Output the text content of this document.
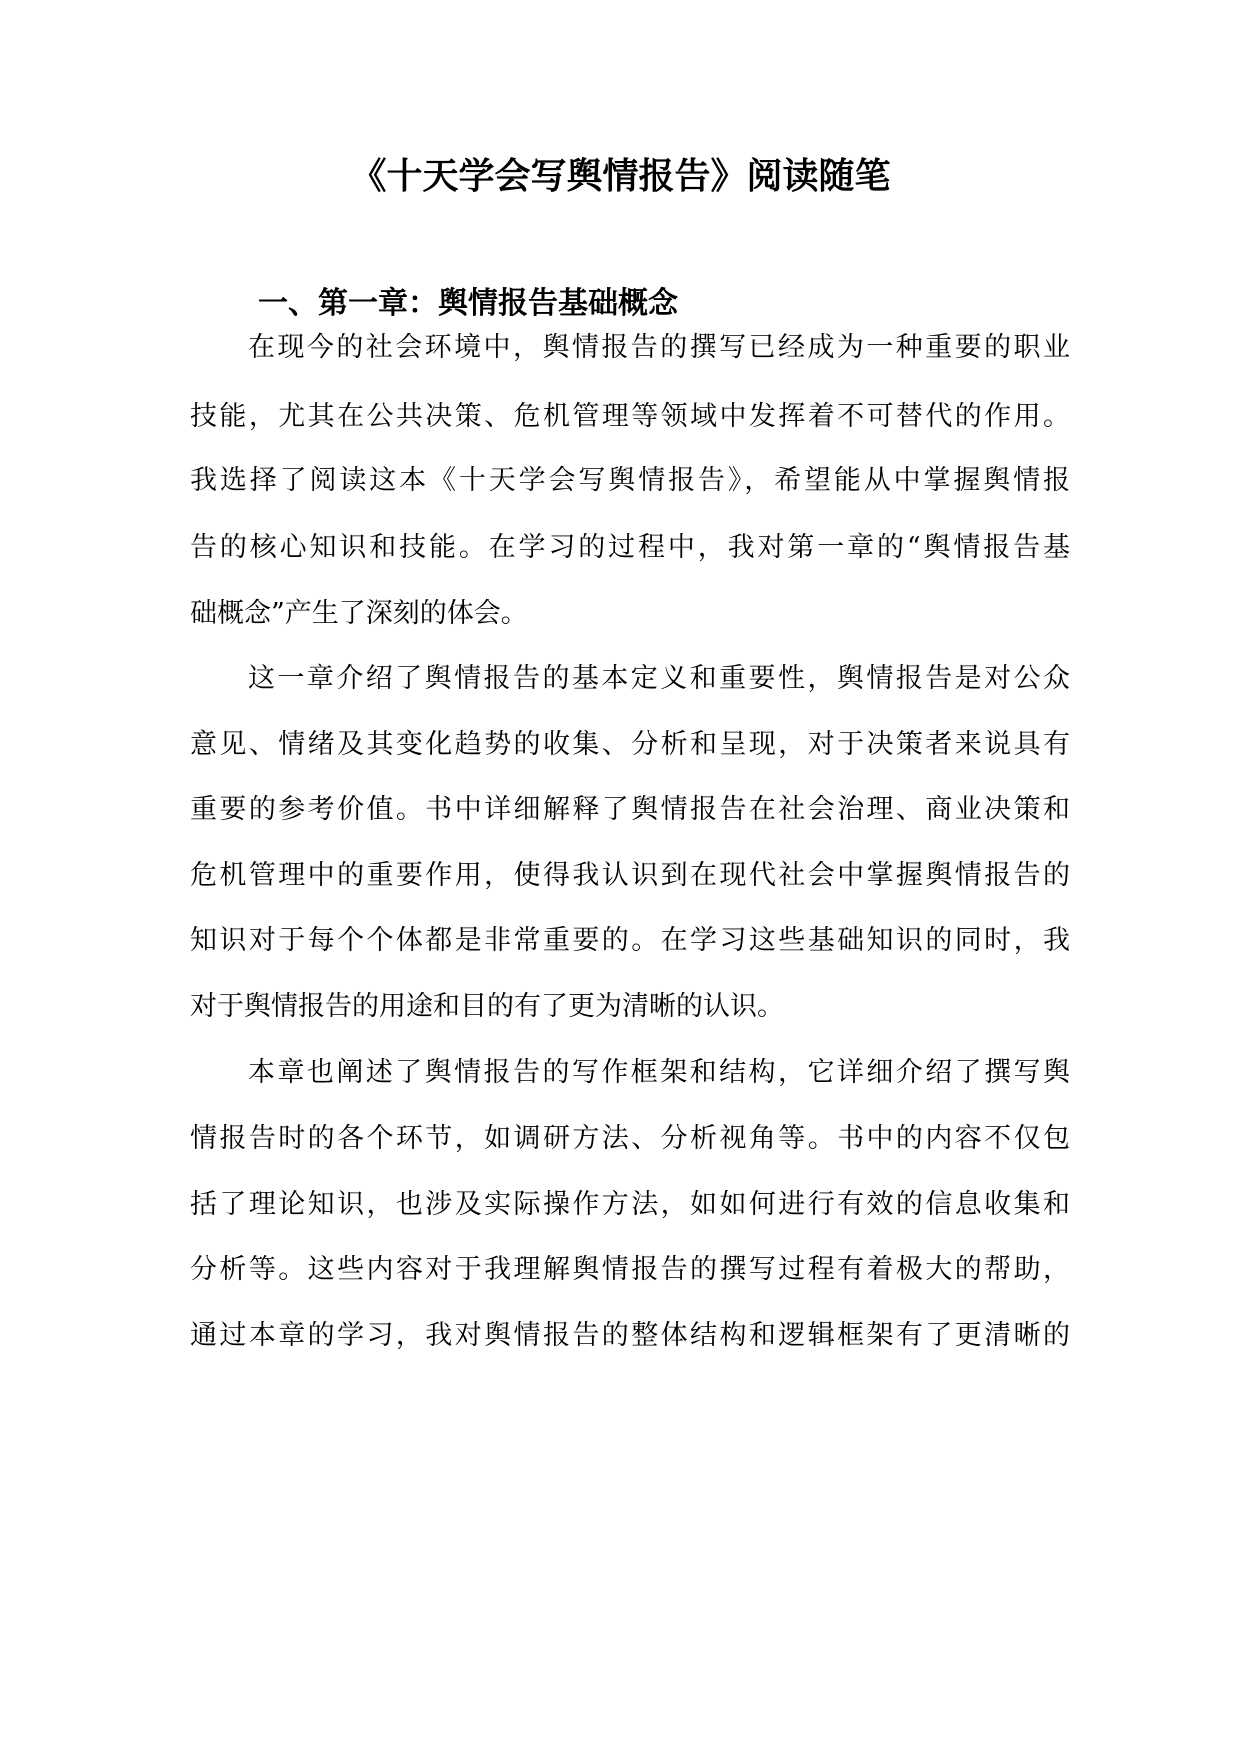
《十天学会写舆情报告》阅读随笔
一、第一章：舆情报告基础概念

在现今的社会环境中，舆情报告的撰写已经成为一种重要的职业

技能，尤其在公共决策、危机管理等领域中发挥着不可替代的作用。

我选择了阅读这本《十天学会写舆情报告》，希望能从中掌握舆情报

告的核心知识和技能。在学习的过程中，我对第一章的“舆情报告基

础概念”产生了深刻的体会。

这一章介绍了舆情报告的基本定义和重要性，舆情报告是对公众

意见、情绪及其变化趋势的收集、分析和呈现，对于决策者来说具有

重要的参考价值。书中详细解释了舆情报告在社会治理、商业决策和

危机管理中的重要作用，使得我认识到在现代社会中掌握舆情报告的

知识对于每个个体都是非常重要的。在学习这些基础知识的同时，我

对于舆情报告的用途和目的有了更为清晰的认识。

本章也阐述了舆情报告的写作框架和结构，它详细介绍了撰写舆

情报告时的各个环节，如调研方法、分析视角等。书中的内容不仅包

括了理论知识，也涉及实际操作方法，如如何进行有效的信息收集和

分析等。这些内容对于我理解舆情报告的撰写过程有着极大的帮助，

通过本章的学习，我对舆情报告的整体结构和逻辑框架有了更清晰的
